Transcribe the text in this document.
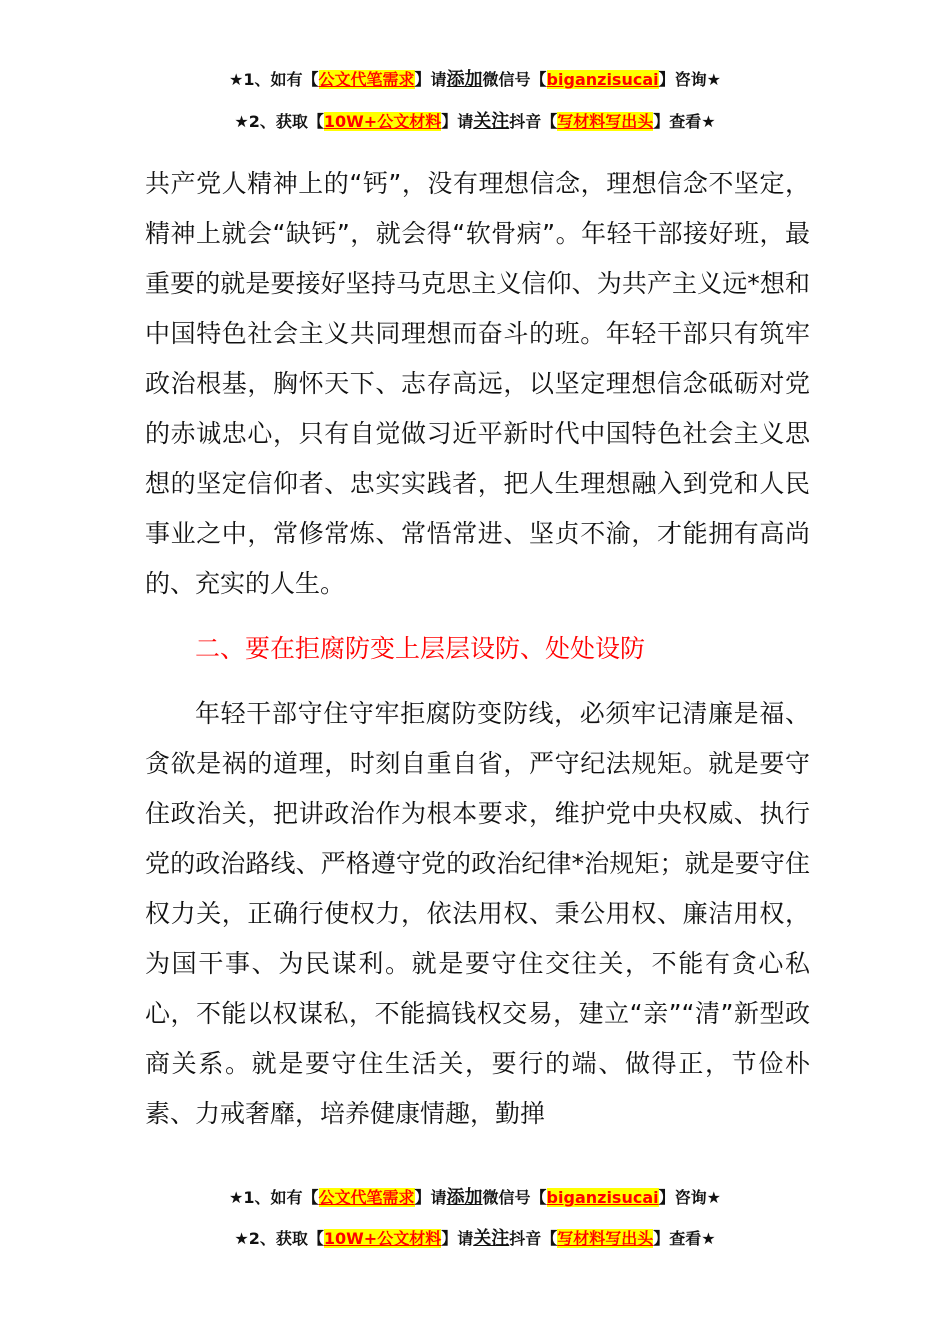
★1、如有【公文代笔需求】请添加微信号【biganzisucai】咨询★
★2、获取【10W+公文材料】请关注抖音【写材料写出头】查看★

共产党人精神上的“钙”，没有理想信念，理想信念不坚定，精神上就会“缺钙”，就会得“软骨病”。年轻干部接好班，最重要的就是要接好坚持马克思主义信仰、为共产主义远*想和中国特色社会主义共同理想而奋斗的班。年轻干部只有筑牢政治根基，胸怀天下、志存高远，以坚定理想信念砥砺对党的赤诚忠心，只有自觉做习近平新时代中国特色社会主义思想的坚定信仰者、忠实实践者，把人生理想融入到党和人民事业之中，常修常炼、常悟常进、坚贞不渝，才能拥有高尚的、充实的人生。

二、要在拒腐防变上层层设防、处处设防

年轻干部守住守牢拒腐防变防线，必须牢记清廉是福、贪欲是祸的道理，时刻自重自省，严守纪法规矩。就是要守住政治关，把讲政治作为根本要求，维护党中央权威、执行党的政治路线、严格遵守党的政治纪律*治规矩；就是要守住权力关，正确行使权力，依法用权、秉公用权、廉洁用权，为国干事、为民谋利。就是要守住交往关，不能有贪心私心，不能以权谋私，不能搞钱权交易，建立“亲”“清”新型政商关系。就是要守住生活关，要行的端、做得正，节俭朴素、力戒奢靡，培养健康情趣，勤掸

★1、如有【公文代笔需求】请添加微信号【biganzisucai】咨询★
★2、获取【10W+公文材料】请关注抖音【写材料写出头】查看★
